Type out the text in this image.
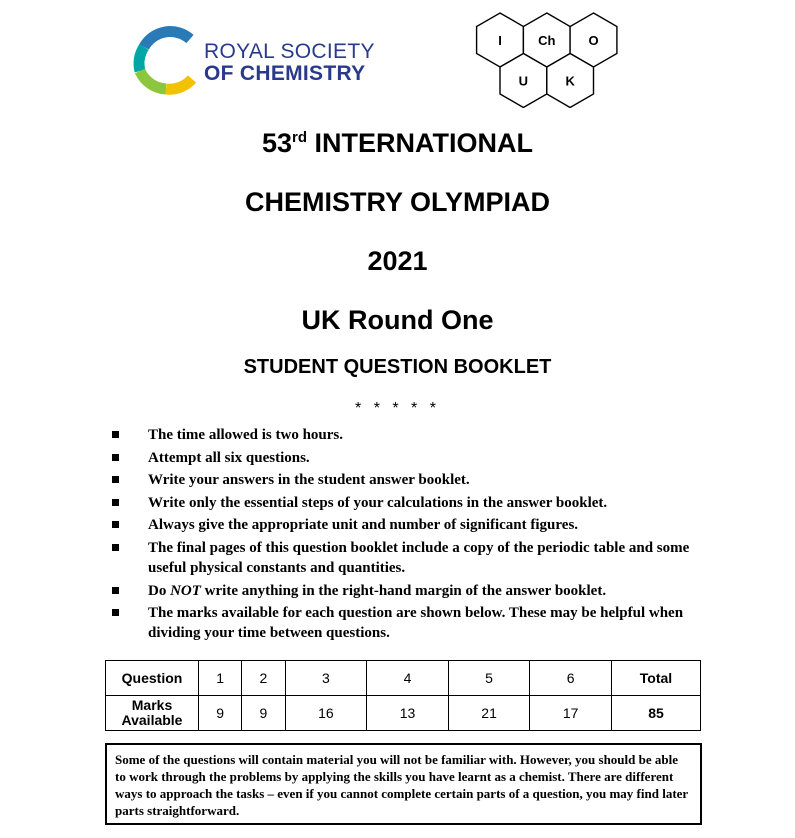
ROYAL SOCIETY
OF CHEMISTRY
I	Ch	O
U	K
53rd INTERNATIONAL
CHEMISTRY OLYMPIAD
2021
UK Round One
STUDENT QUESTION BOOKLET
* * * * *
The time allowed is two hours.
Attempt all six questions.
Write your answers in the student answer booklet.
Write only the essential steps of your calculations in the answer booklet.
Always give the appropriate unit and number of significant figures.
The final pages of this question booklet include a copy of the periodic table and some useful physical constants and quantities.
Do NOT write anything in the right-hand margin of the answer booklet.
The marks available for each question are shown below. These may be helpful when dividing your time between questions.
Question	1	2	3	4	5	6	Total
Marks Available	9	9	16	13	21	17	85
Some of the questions will contain material you will not be familiar with. However, you should be able to work through the problems by applying the skills you have learnt as a chemist. There are different ways to approach the tasks – even if you cannot complete certain parts of a question, you may find later parts straightforward.
